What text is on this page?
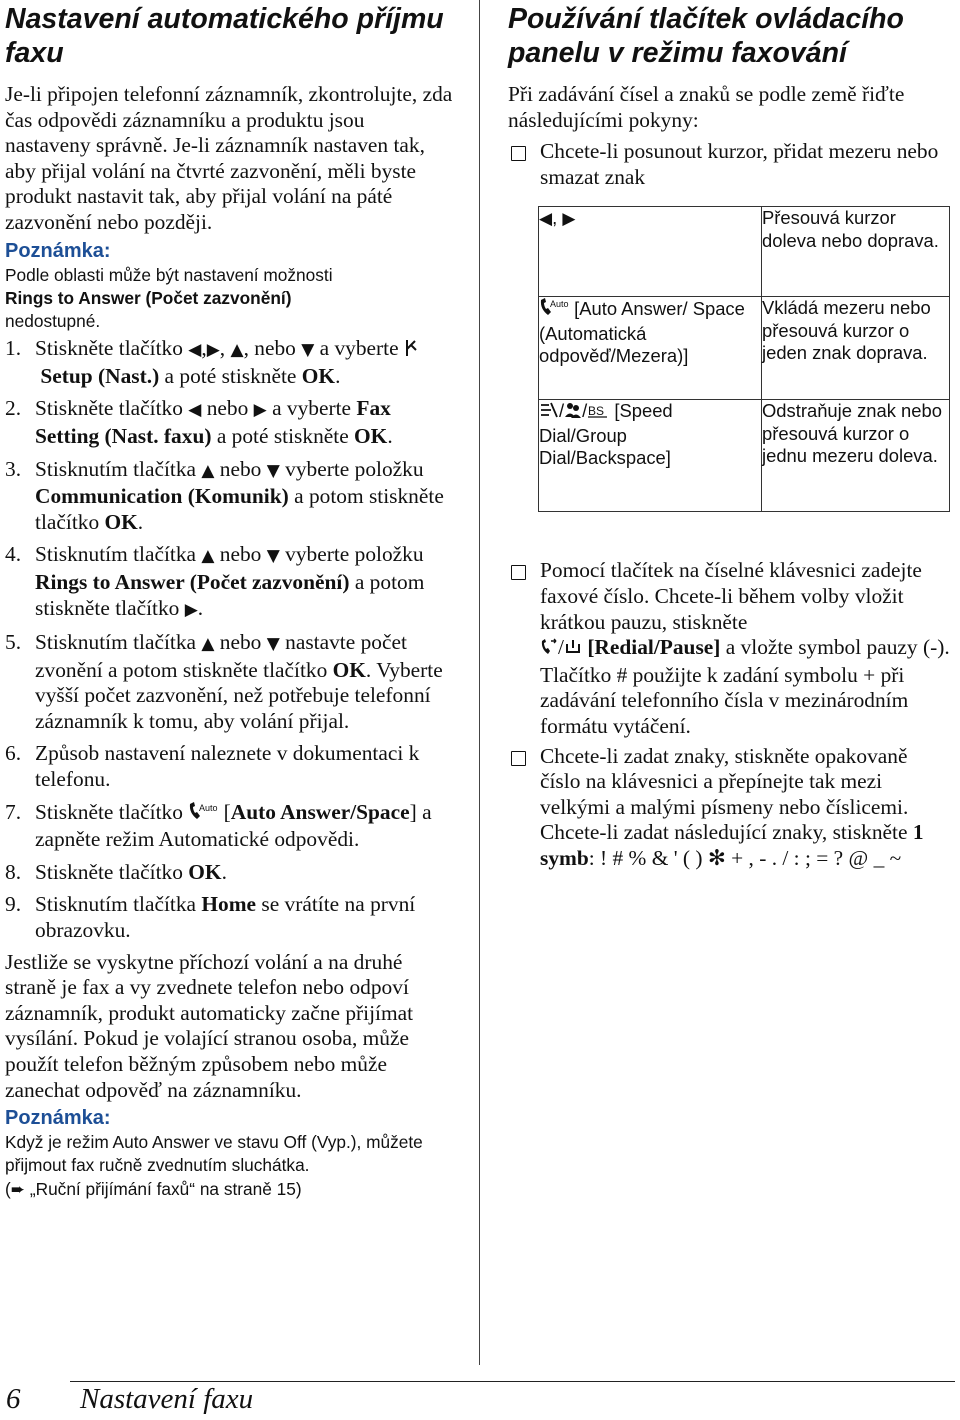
Nastavení automatického příjmu faxu

Je-li připojen telefonní záznamník, zkontrolujte, zda čas odpovědi záznamníku a produktu jsou nastaveny správně. Je-li záznamník nastaven tak, aby přijal volání na čtvrté zazvonění, měli byste produkt nastavit tak, aby přijal volání na páté zazvonění nebo později.

Poznámka:

Podle oblasti může být nastavení možnosti
Rings to Answer (Počet zazvonění)
nedostupné.

1. Stiskněte tlačítko ◀,▶, ▲, nebo ▼ a vyberte  Setup (Nast.) a poté stiskněte OK.
2. Stiskněte tlačítko ◀ nebo ▶ a vyberte Fax Setting (Nast. faxu) a poté stiskněte OK.
3. Stisknutím tlačítka ▲ nebo ▼ vyberte položku Communication (Komunik) a potom stiskněte tlačítko OK.
4. Stisknutím tlačítka ▲ nebo ▼ vyberte položku Rings to Answer (Počet zazvonění) a potom stiskněte tlačítko ▶.
5. Stisknutím tlačítka ▲ nebo ▼ nastavte počet zvonění a potom stiskněte tlačítko OK. Vyberte vyšší počet zazvonění, než potřebuje telefonní záznamník k tomu, aby volání přijal.
6. Způsob nastavení naleznete v dokumentaci k telefonu.
7. Stiskněte tlačítko Auto [Auto Answer/Space] a zapněte režim Automatické odpovědi.
8. Stiskněte tlačítko OK.
9. Stisknutím tlačítka Home se vrátíte na první obrazovku.

Jestliže se vyskytne příchozí volání a na druhé straně je fax a vy zvednete telefon nebo odpoví záznamník, produkt automaticky začne přijímat vysílání. Pokud je volající stranou osoba, může použít telefon běžným způsobem nebo může zanechat odpověď na záznamníku.

Poznámka:

Když je režim Auto Answer ve stavu Off (Vyp.), můžete přijmout fax ručně zvednutím sluchátka.
(➨ „Ruční přijímání faxů“ na straně 15)

Používání tlačítek ovládacího panelu v režimu faxování

Při zadávání čísel a znaků se podle země řiďte následujícími pokyny:

Chcete-li posunout kurzor, přidat mezeru nebo smazat znak
◀, ▶	Přesouvá kurzor doleva nebo doprava.

Auto [Auto Answer/ Space (Automatická odpověď/Mezera)]	Vkládá mezeru nebo přesouvá kurzor o jeden znak doprava.
/ / BS [Speed Dial/Group Dial/Backspace]	Odstraňuje znak nebo přesouvá kurzor o jednu mezeru doleva.
Pomocí tlačítek na číselné klávesnici zadejte faxové číslo. Chcete-li během volby vložit krátkou pauzu, stiskněte
/ [Redial/Pause] a vložte symbol pauzy (-). Tlačítko # použijte k zadání symbolu + při zadávání telefonního čísla v mezinárodním formátu vytáčení.
Chcete-li zadat znaky, stiskněte opakovaně číslo na klávesnici a přepínejte tak mezi velkými a malými písmeny nebo číslicemi.
Chcete-li zadat následující znaky, stiskněte 1 symb: ! # % & ' ( ) ✻ + , - . / : ; = ? @ _ ~
6 Nastavení faxu
